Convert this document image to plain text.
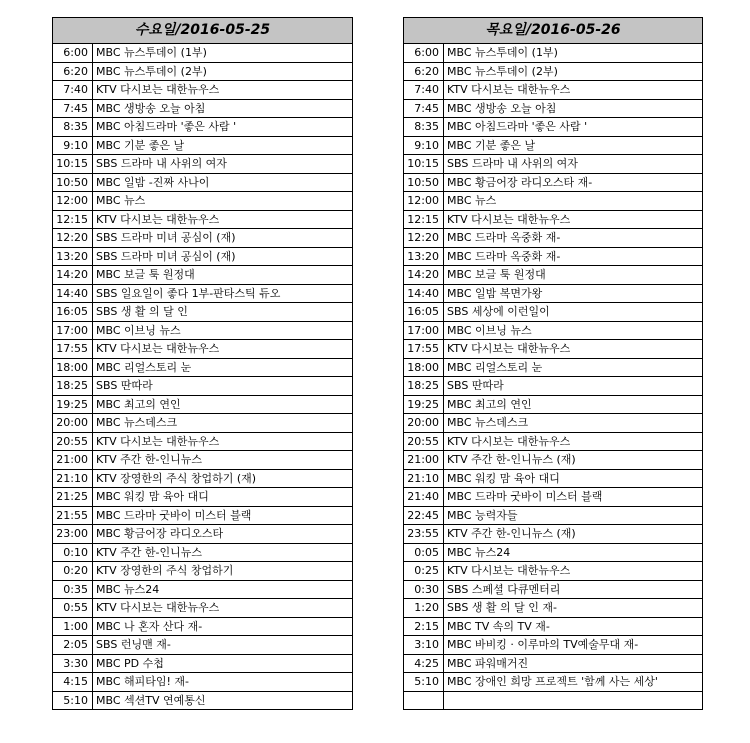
수요일/2016-05-25	
6:00	MBC 뉴스투데이 (1부)
6:20	MBC 뉴스투데이 (2부)
7:40	KTV 다시보는 대한뉴우스
7:45	MBC 생방송 오늘 아침
8:35	MBC 아침드라마 '좋은 사람 '
9:10	MBC 기분 좋은 날
10:15	SBS 드라마 내 사위의 여자
10:50	MBC 일밤 -진짜 사나이
12:00	MBC 뉴스
12:15	KTV 다시보는 대한뉴우스
12:20	SBS 드라마 미녀 공심이 (재)
13:20	SBS 드라마 미녀 공심이 (재)
14:20	MBC 보글 툭 원정대
14:40	SBS 일요일이 좋다 1부-판타스틱 듀오
16:05	SBS 생 활 의 달 인
17:00	MBC 이브닝 뉴스
17:55	KTV 다시보는 대한뉴우스
18:00	MBC 리얼스토리 눈
18:25	SBS 딴따라
19:25	MBC 최고의 연인
20:00	MBC 뉴스데스크
20:55	KTV 다시보는 대한뉴우스
21:00	KTV 주간 한-인니뉴스
21:10	KTV 장영한의 주식 창업하기 (재)
21:25	MBC 워킹 맘 육아 대디
21:55	MBC 드라마 굿바이 미스터 블랙
23:00	MBC 황금어장 라디오스타
0:10	KTV 주간 한-인니뉴스
0:20	KTV 장영한의 주식 창업하기
0:35	MBC 뉴스24
0:55	KTV 다시보는 대한뉴우스
1:00	MBC 나 혼자 산다 재-
2:05	SBS 런닝맨 재-
3:30	MBC PD 수첩
4:15	MBC 해피타임! 재-
5:10	MBC 섹션TV 연예통신
목요일/2016-05-26	
6:00	MBC 뉴스투데이 (1부)
6:20	MBC 뉴스투데이 (2부)
7:40	KTV 다시보는 대한뉴우스
7:45	MBC 생방송 오늘 아침
8:35	MBC 아침드라마 '좋은 사람 '
9:10	MBC 기분 좋은 날
10:15	SBS 드라마 내 사위의 여자
10:50	MBC 황금어장 라디오스타 재-
12:00	MBC 뉴스
12:15	KTV 다시보는 대한뉴우스
12:20	MBC 드라마 옥중화 재-
13:20	MBC 드라마 옥중화 재-
14:20	MBC 보글 툭 원정대
14:40	MBC 일밤 복면가왕
16:05	SBS 세상에 이런일이
17:00	MBC 이브닝 뉴스
17:55	KTV 다시보는 대한뉴우스
18:00	MBC 리얼스토리 눈
18:25	SBS 딴따라
19:25	MBC 최고의 연인
20:00	MBC 뉴스데스크
20:55	KTV 다시보는 대한뉴우스
21:00	KTV 주간 한-인니뉴스 (재)
21:10	MBC 워킹 맘 육아 대디
21:40	MBC 드라마 굿바이 미스터 블랙
22:45	MBC 능력자들
23:55	KTV 주간 한-인니뉴스 (재)
0:05	MBC 뉴스24
0:25	KTV 다시보는 대한뉴우스
0:30	SBS 스페셜 다큐멘터리
1:20	SBS 생 활 의 달 인 재-
2:15	MBC TV 속의 TV 재-
3:10	MBC 바비킹 · 이루마의 TV예술무대 재-
4:25	MBC 파워매거진
5:10	MBC 장애인 희망 프로젝트 '함께 사는 세상'
